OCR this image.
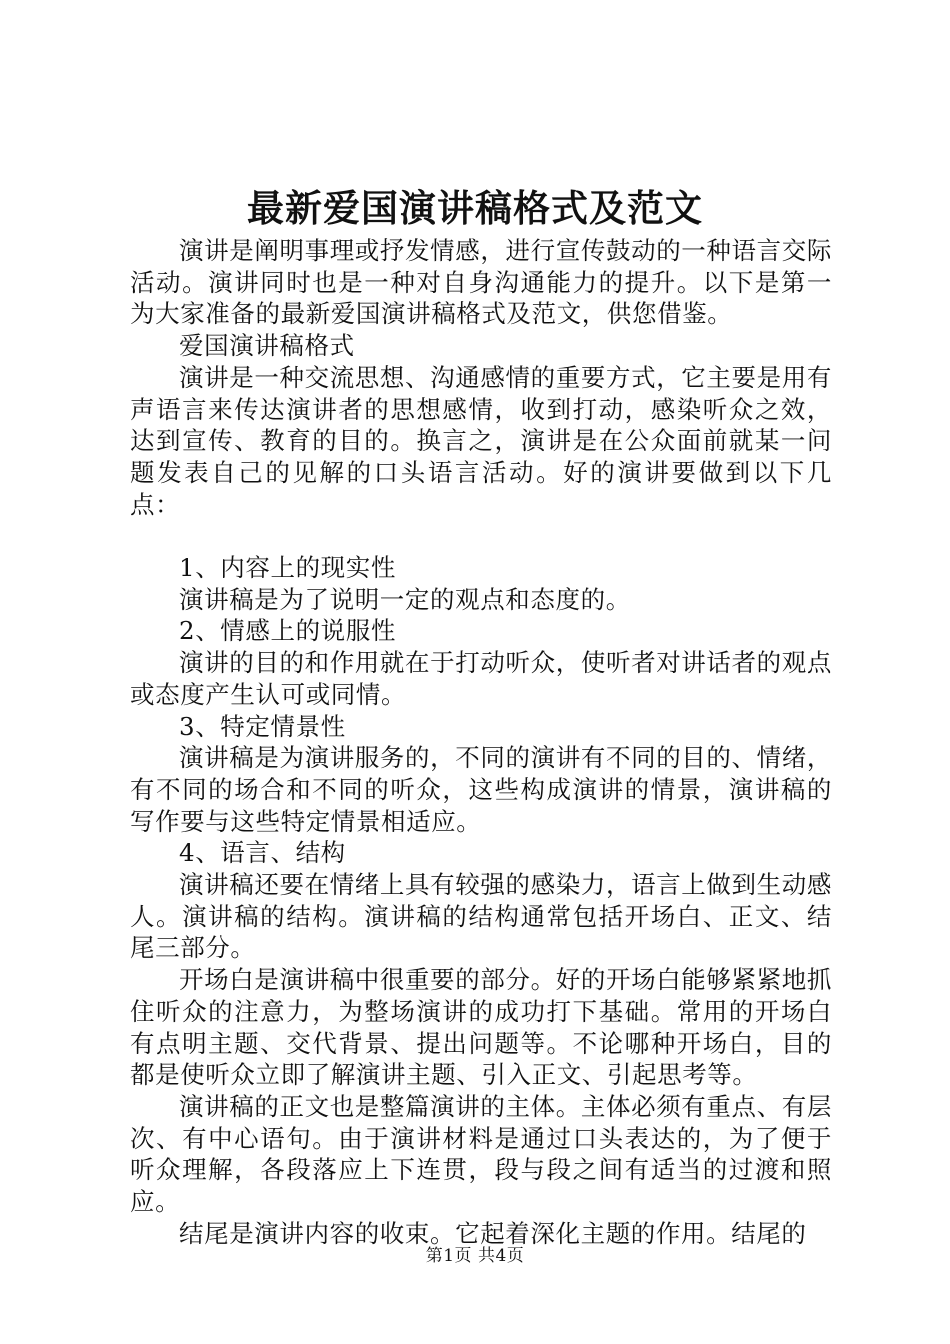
最新爱国演讲稿格式及范文

演讲是阐明事理或抒发情感，进行宣传鼓动的一种语言交际活动。演讲同时也是一种对自身沟通能力的提升。以下是第一为大家准备的最新爱国演讲稿格式及范文，供您借鉴。

爱国演讲稿格式

演讲是一种交流思想、沟通感情的重要方式，它主要是用有声语言来传达演讲者的思想感情，收到打动，感染听众之效，达到宣传、教育的目的。换言之，演讲是在公众面前就某一问题发表自己的见解的口头语言活动。好的演讲要做到以下几点：

1、内容上的现实性

演讲稿是为了说明一定的观点和态度的。

2、情感上的说服性

演讲的目的和作用就在于打动听众，使听者对讲话者的观点或态度产生认可或同情。

3、特定情景性

演讲稿是为演讲服务的，不同的演讲有不同的目的、情绪，有不同的场合和不同的听众，这些构成演讲的情景，演讲稿的写作要与这些特定情景相适应。

4、语言、结构

演讲稿还要在情绪上具有较强的感染力，语言上做到生动感人。演讲稿的结构。演讲稿的结构通常包括开场白、正文、结尾三部分。

开场白是演讲稿中很重要的部分。好的开场白能够紧紧地抓住听众的注意力，为整场演讲的成功打下基础。常用的开场白有点明主题、交代背景、提出问题等。不论哪种开场白，目的都是使听众立即了解演讲主题、引入正文、引起思考等。

演讲稿的正文也是整篇演讲的主体。主体必须有重点、有层次、有中心语句。由于演讲材料是通过口头表达的，为了便于听众理解，各段落应上下连贯，段与段之间有适当的过渡和照应。

结尾是演讲内容的收束。它起着深化主题的作用。结尾的

第1页 共4页
